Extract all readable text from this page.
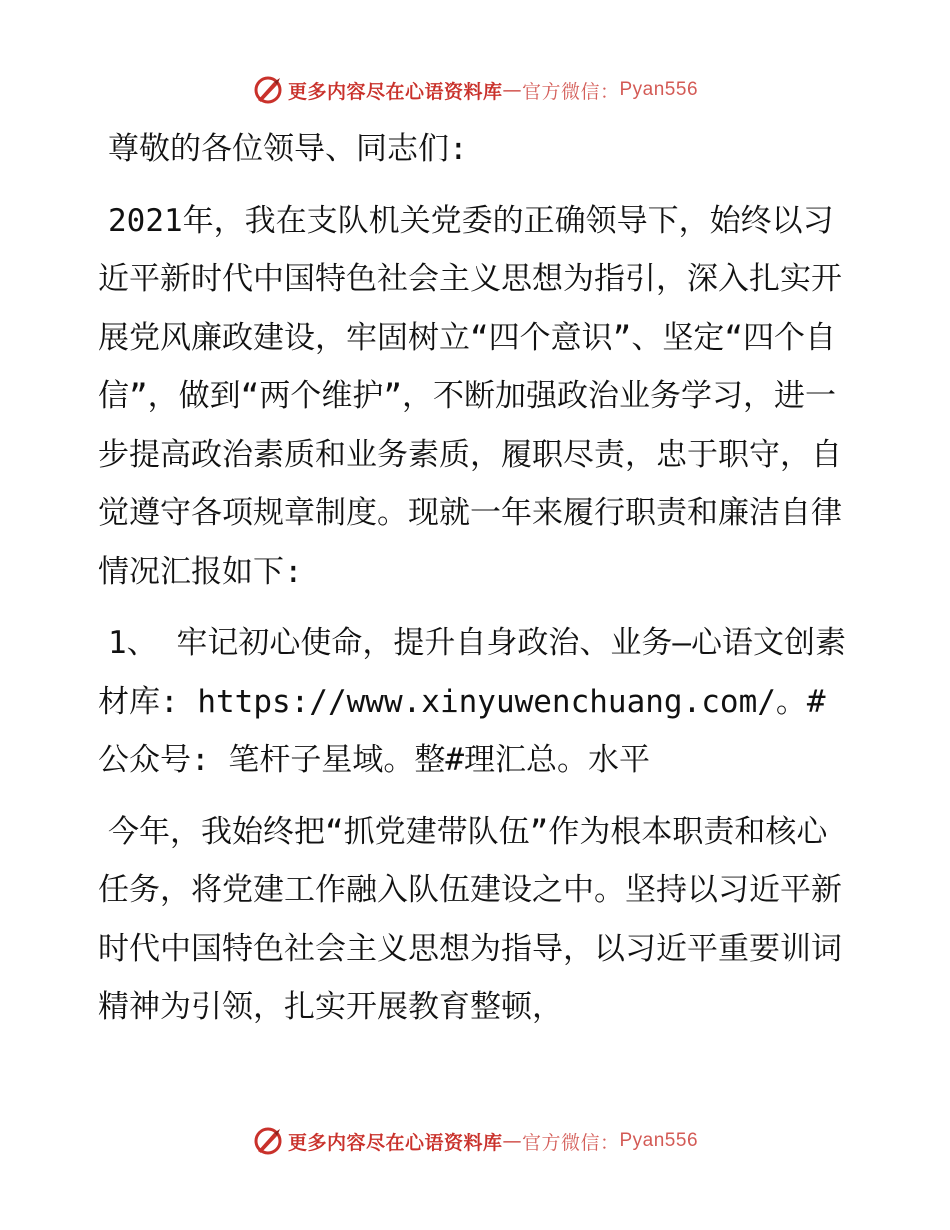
更多内容尽在心语资料库 — 官方微信： Pyan556

尊敬的各位领导、同志们:

2021年，我在支队机关党委的正确领导下，始终以习近平新时代中国特色社会主义思想为指引，深入扎实开展党风廉政建设，牢固树立“四个意识”、坚定“四个自信”，做到“两个维护”，不断加强政治业务学习，进一步提高政治素质和业务素质，履职尽责，忠于职守，自觉遵守各项规章制度。现就一年来履行职责和廉洁自律情况汇报如下:

1、 牢记初心使命，提升自身政治、业务—心语文创素材库: https://www.xinyuwenchuang.com/。#公众号: 笔杆子星域。整#理汇总。水平

今年，我始终把“抓党建带队伍”作为根本职责和核心任务，将党建工作融入队伍建设之中。坚持以习近平新时代中国特色社会主义思想为指导，以习近平重要训词精神为引领，扎实开展教育整顿，

更多内容尽在心语资料库 — 官方微信： Pyan556
